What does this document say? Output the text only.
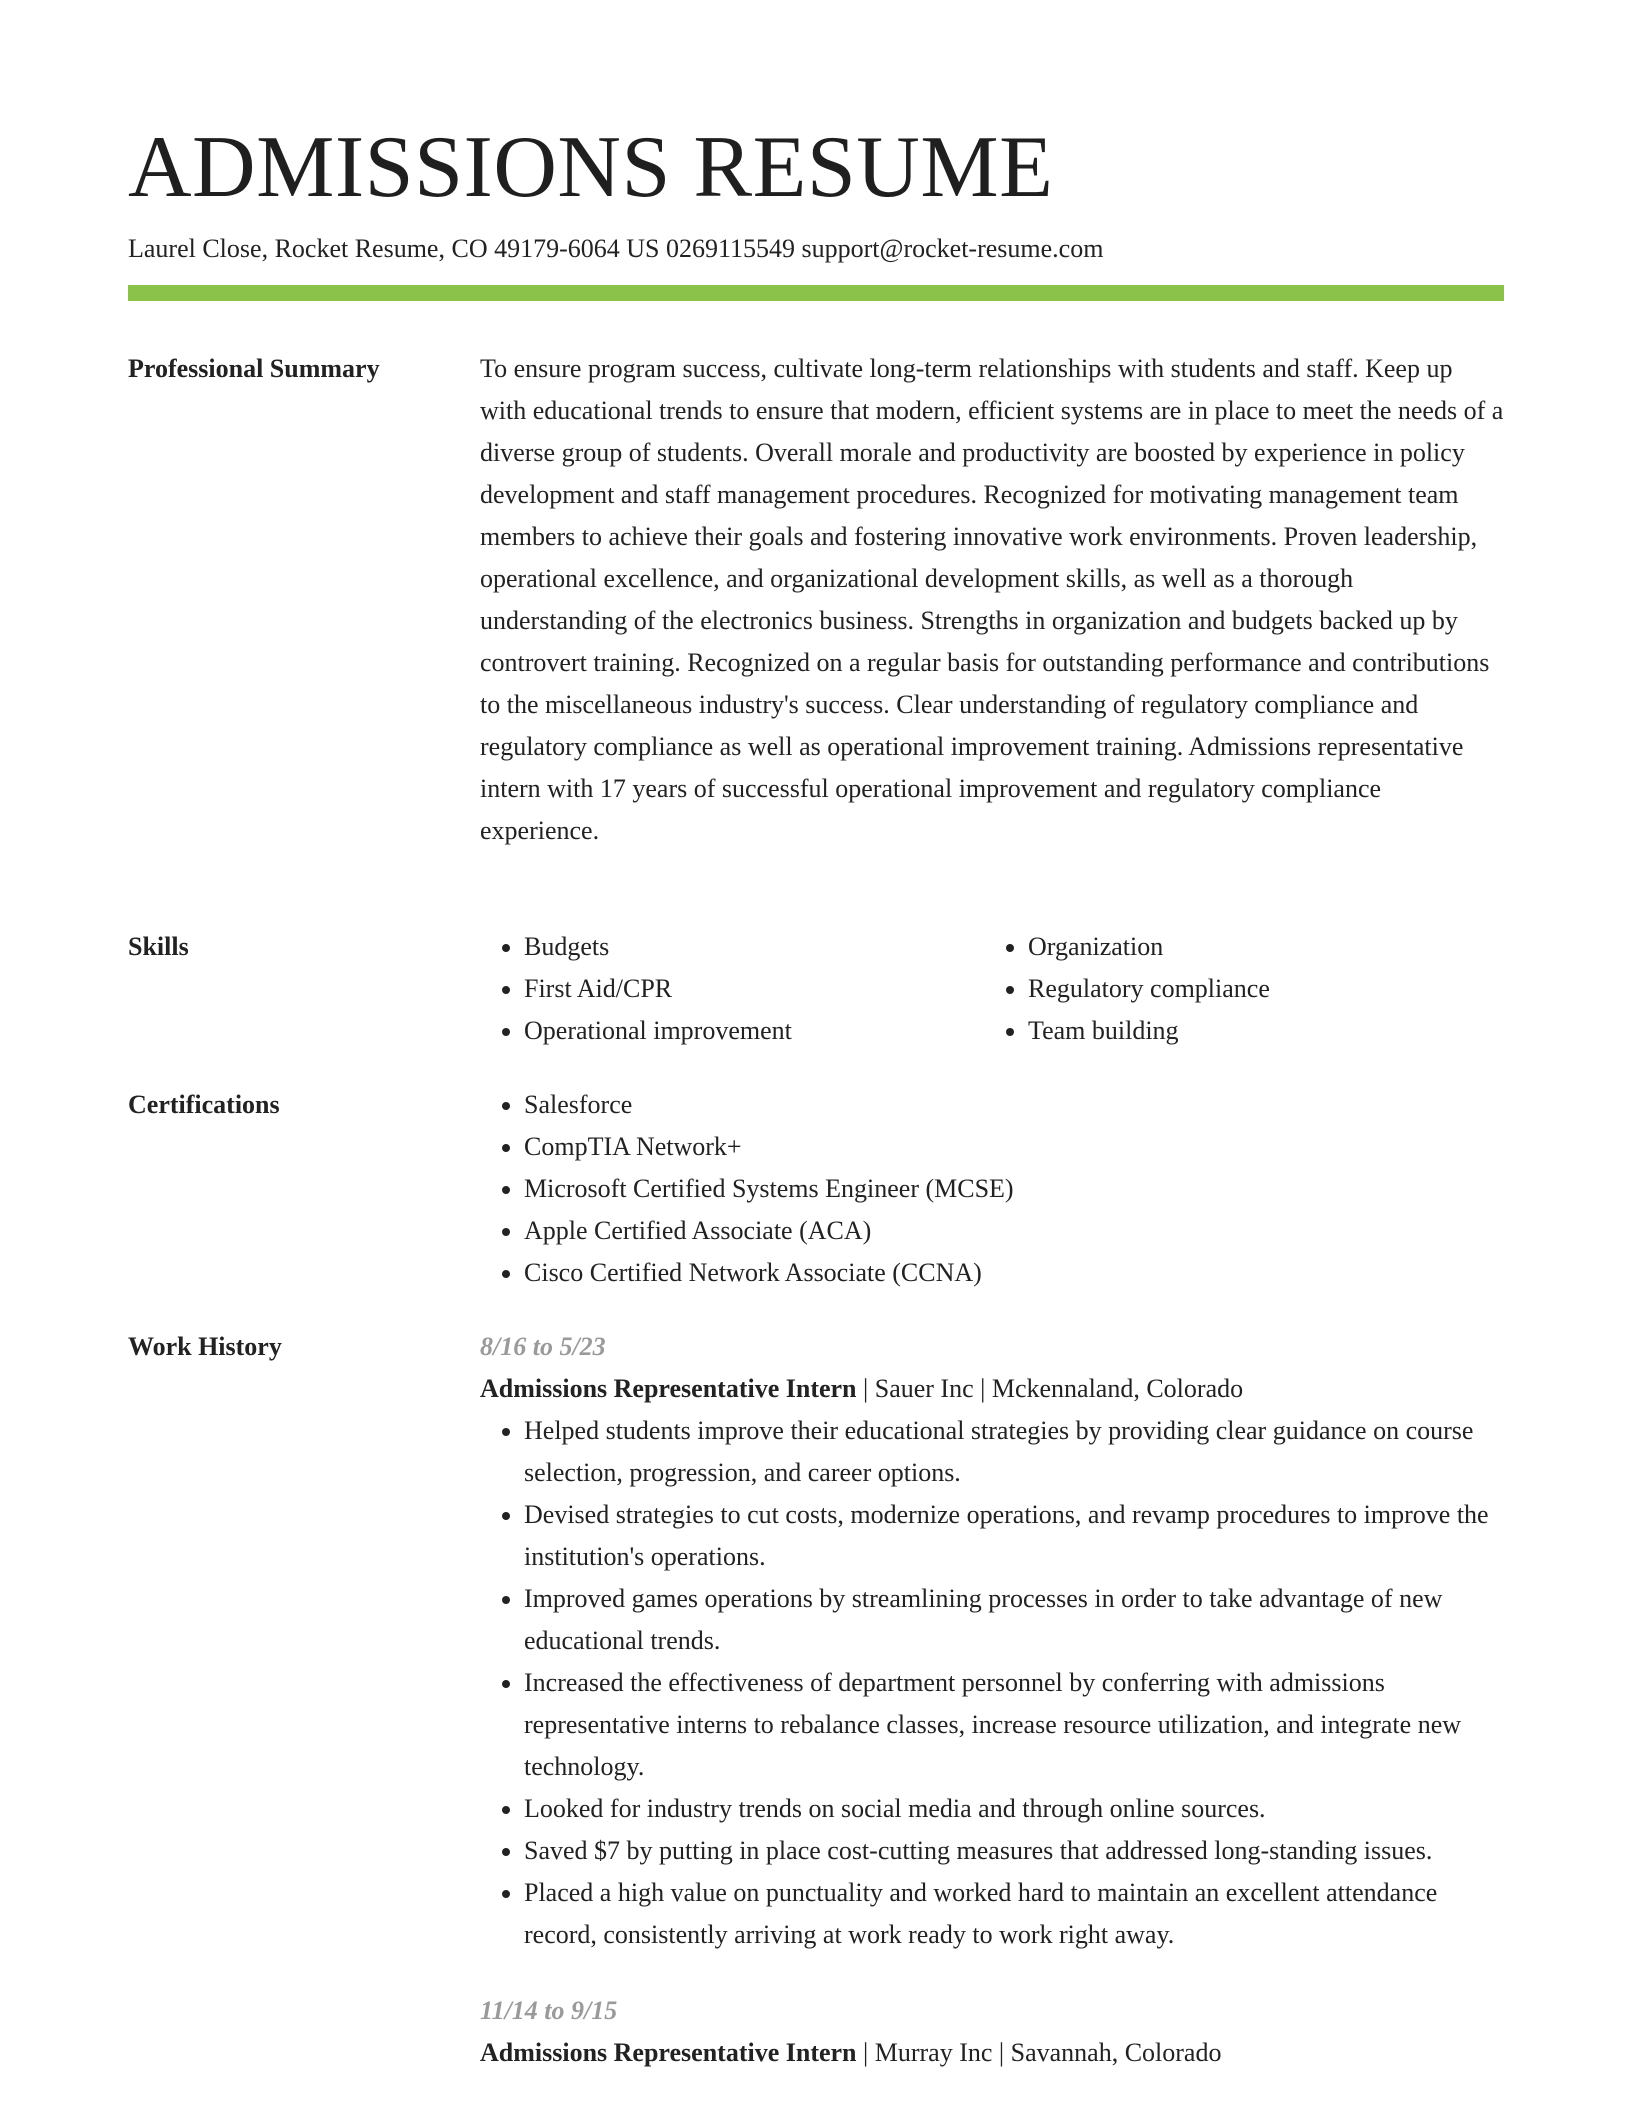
ADMISSIONS RESUME
Laurel Close, Rocket Resume, CO 49179-6064 US 0269115549 support@rocket-resume.com
Professional Summary	To ensure program success, cultivate long-term relationships with students and staff. Keep up with educational trends to ensure that modern, efficient systems are in place to meet the needs of a diverse group of students. Overall morale and productivity are boosted by experience in policy development and staff management procedures. Recognized for motivating management team members to achieve their goals and fostering innovative work environments. Proven leadership, operational excellence, and organizational development skills, as well as a thorough understanding of the electronics business. Strengths in organization and budgets backed up by controvert training. Recognized on a regular basis for outstanding performance and contributions to the miscellaneous industry's success. Clear understanding of regulatory compliance and regulatory compliance as well as operational improvement training. Admissions representative intern with 17 years of successful operational improvement and regulatory compliance experience.

Skills	• Budgets
• First Aid/CPR
• Operational improvement
• Organization
• Regulatory compliance
• Team building
Certifications	• Salesforce
• CompTIA Network+
• Microsoft Certified Systems Engineer (MCSE)
• Apple Certified Associate (ACA)
• Cisco Certified Network Associate (CCNA)
Work History	8/16 to 5/23
Admissions Representative Intern | Sauer Inc | Mckennaland, Colorado
• Helped students improve their educational strategies by providing clear guidance on course selection, progression, and career options.
• Devised strategies to cut costs, modernize operations, and revamp procedures to improve the institution's operations.
• Improved games operations by streamlining processes in order to take advantage of new educational trends.
• Increased the effectiveness of department personnel by conferring with admissions representative interns to rebalance classes, increase resource utilization, and integrate new technology.
• Looked for industry trends on social media and through online sources.
• Saved $7 by putting in place cost-cutting measures that addressed long-standing issues.
• Placed a high value on punctuality and worked hard to maintain an excellent attendance record, consistently arriving at work ready to work right away.
11/14 to 9/15
Admissions Representative Intern | Murray Inc | Savannah, Colorado
